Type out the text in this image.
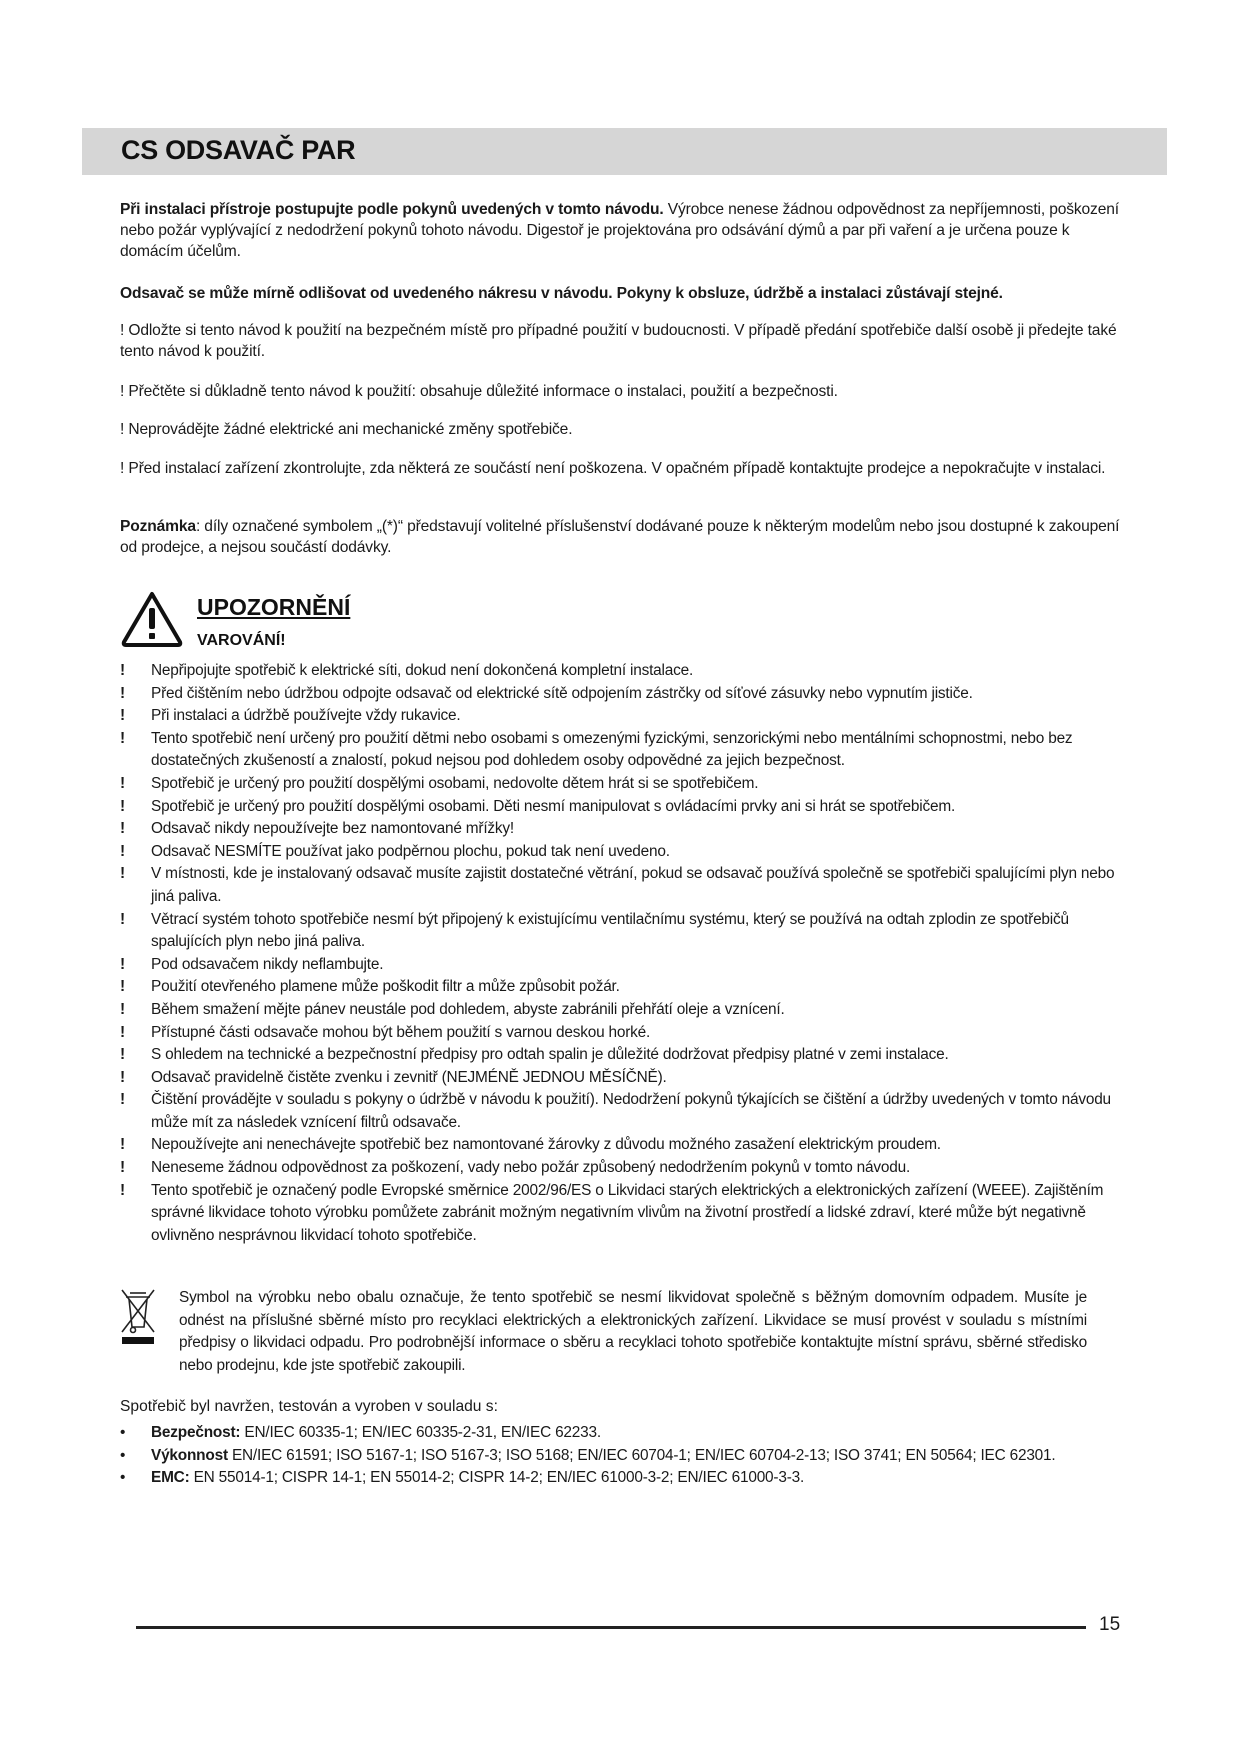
CS ODSAVAČ PAR
Při instalaci přístroje postupujte podle pokynů uvedených v tomto návodu. Výrobce nenese žádnou odpovědnost za nepříjemnosti, poškození nebo požár vyplývající z nedodržení pokynů tohoto návodu. Digestoř je projektována pro odsávání dýmů a par při vaření a je určena pouze k domácím účelům.
Odsavač se může mírně odlišovat od uvedeného nákresu v návodu. Pokyny k obsluze, údržbě a instalaci zůstávají stejné.
! Odložte si tento návod k použití na bezpečném místě pro případné použití v budoucnosti. V případě předání spotřebiče další osobě ji předejte také tento návod k použití.
! Přečtěte si důkladně tento návod k použití: obsahuje důležité informace o instalaci, použití a bezpečnosti.
! Neprovádějte žádné elektrické ani mechanické změny spotřebiče.
! Před instalací zařízení zkontrolujte, zda některá ze součástí není poškozena. V opačném případě kontaktujte prodejce a nepokračujte v instalaci.
Poznámka: díly označené symbolem „(*)“ představují volitelné příslušenství dodávané pouze k některým modelům nebo jsou dostupné k zakoupení od prodejce, a nejsou součástí dodávky.
UPOZORNĚNÍ
VAROVÁNÍ!
! Nepřipojujte spotřebič k elektrické síti, dokud není dokončená kompletní instalace.
! Před čištěním nebo údržbou odpojte odsavač od elektrické sítě odpojením zástrčky od síťové zásuvky nebo vypnutím jističe.
! Při instalaci a údržbě používejte vždy rukavice.
! Tento spotřebič není určený pro použití dětmi nebo osobami s omezenými fyzickými, senzorickými nebo mentálními schopnostmi, nebo bez dostatečných zkušeností a znalostí, pokud nejsou pod dohledem osoby odpovědné za jejich bezpečnost.
! Spotřebič je určený pro použití dospělými osobami, nedovolte dětem hrát si se spotřebičem.
! Spotřebič je určený pro použití dospělými osobami. Děti nesmí manipulovat s ovládacími prvky ani si hrát se spotřebičem.
! Odsavač nikdy nepoužívejte bez namontované mřížky!
! Odsavač NESMÍTE používat jako podpěrnou plochu, pokud tak není uvedeno.
! V místnosti, kde je instalovaný odsavač musíte zajistit dostatečné větrání, pokud se odsavač používá společně se spotřebiči spalujícími plyn nebo jiná paliva.
! Větrací systém tohoto spotřebiče nesmí být připojený k existujícímu ventilačnímu systému, který se používá na odtah zplodin ze spotřebičů spalujících plyn nebo jiná paliva.
! Pod odsavačem nikdy neflambujte.
! Použití otevřeného plamene může poškodit filtr a může způsobit požár.
! Během smažení mějte pánev neustále pod dohledem, abyste zabránili přehřátí oleje a vznícení.
! Přístupné části odsavače mohou být během použití s varnou deskou horké.
! S ohledem na technické a bezpečnostní předpisy pro odtah spalin je důležité dodržovat předpisy platné v zemi instalace.
! Odsavač pravidelně čistěte zvenku i zevnitř (NEJMÉNĚ JEDNOU MĚSÍČNĚ).
! Čištění provádějte v souladu s pokyny o údržbě v návodu k použití). Nedodržení pokynů týkajících se čištění a údržby uvedených v tomto návodu může mít za následek vznícení filtrů odsavače.
! Nepoužívejte ani nenechávejte spotřebič bez namontované žárovky z důvodu možného zasažení elektrickým proudem.
! Neneseme žádnou odpovědnost za poškození, vady nebo požár způsobený nedodržením pokynů v tomto návodu.
! Tento spotřebič je označený podle Evropské směrnice 2002/96/ES o Likvidaci starých elektrických a elektronických zařízení (WEEE). Zajištěním správné likvidace tohoto výrobku pomůžete zabránit možným negativním vlivům na životní prostředí a lidské zdraví, které může být negativně ovlivněno nesprávnou likvidací tohoto spotřebiče.
Symbol na výrobku nebo obalu označuje, že tento spotřebič se nesmí likvidovat společně s běžným domovním odpadem. Musíte je odnést na příslušné sběrné místo pro recyklaci elektrických a elektronických zařízení. Likvidace se musí provést v souladu s místními předpisy o likvidaci odpadu. Pro podrobnější informace o sběru a recyklaci tohoto spotřebiče kontaktujte místní správu, sběrné středisko nebo prodejnu, kde jste spotřebič zakoupili.
Spotřebič byl navržen, testován a vyroben v souladu s:
• Bezpečnost: EN/IEC 60335-1; EN/IEC 60335-2-31, EN/IEC 62233.
• Výkonnost EN/IEC 61591; ISO 5167-1; ISO 5167-3; ISO 5168; EN/IEC 60704-1; EN/IEC 60704-2-13; ISO 3741; EN 50564; IEC 62301.
• EMC: EN 55014-1; CISPR 14-1; EN 55014-2; CISPR 14-2; EN/IEC 61000-3-2; EN/IEC 61000-3-3.
15
